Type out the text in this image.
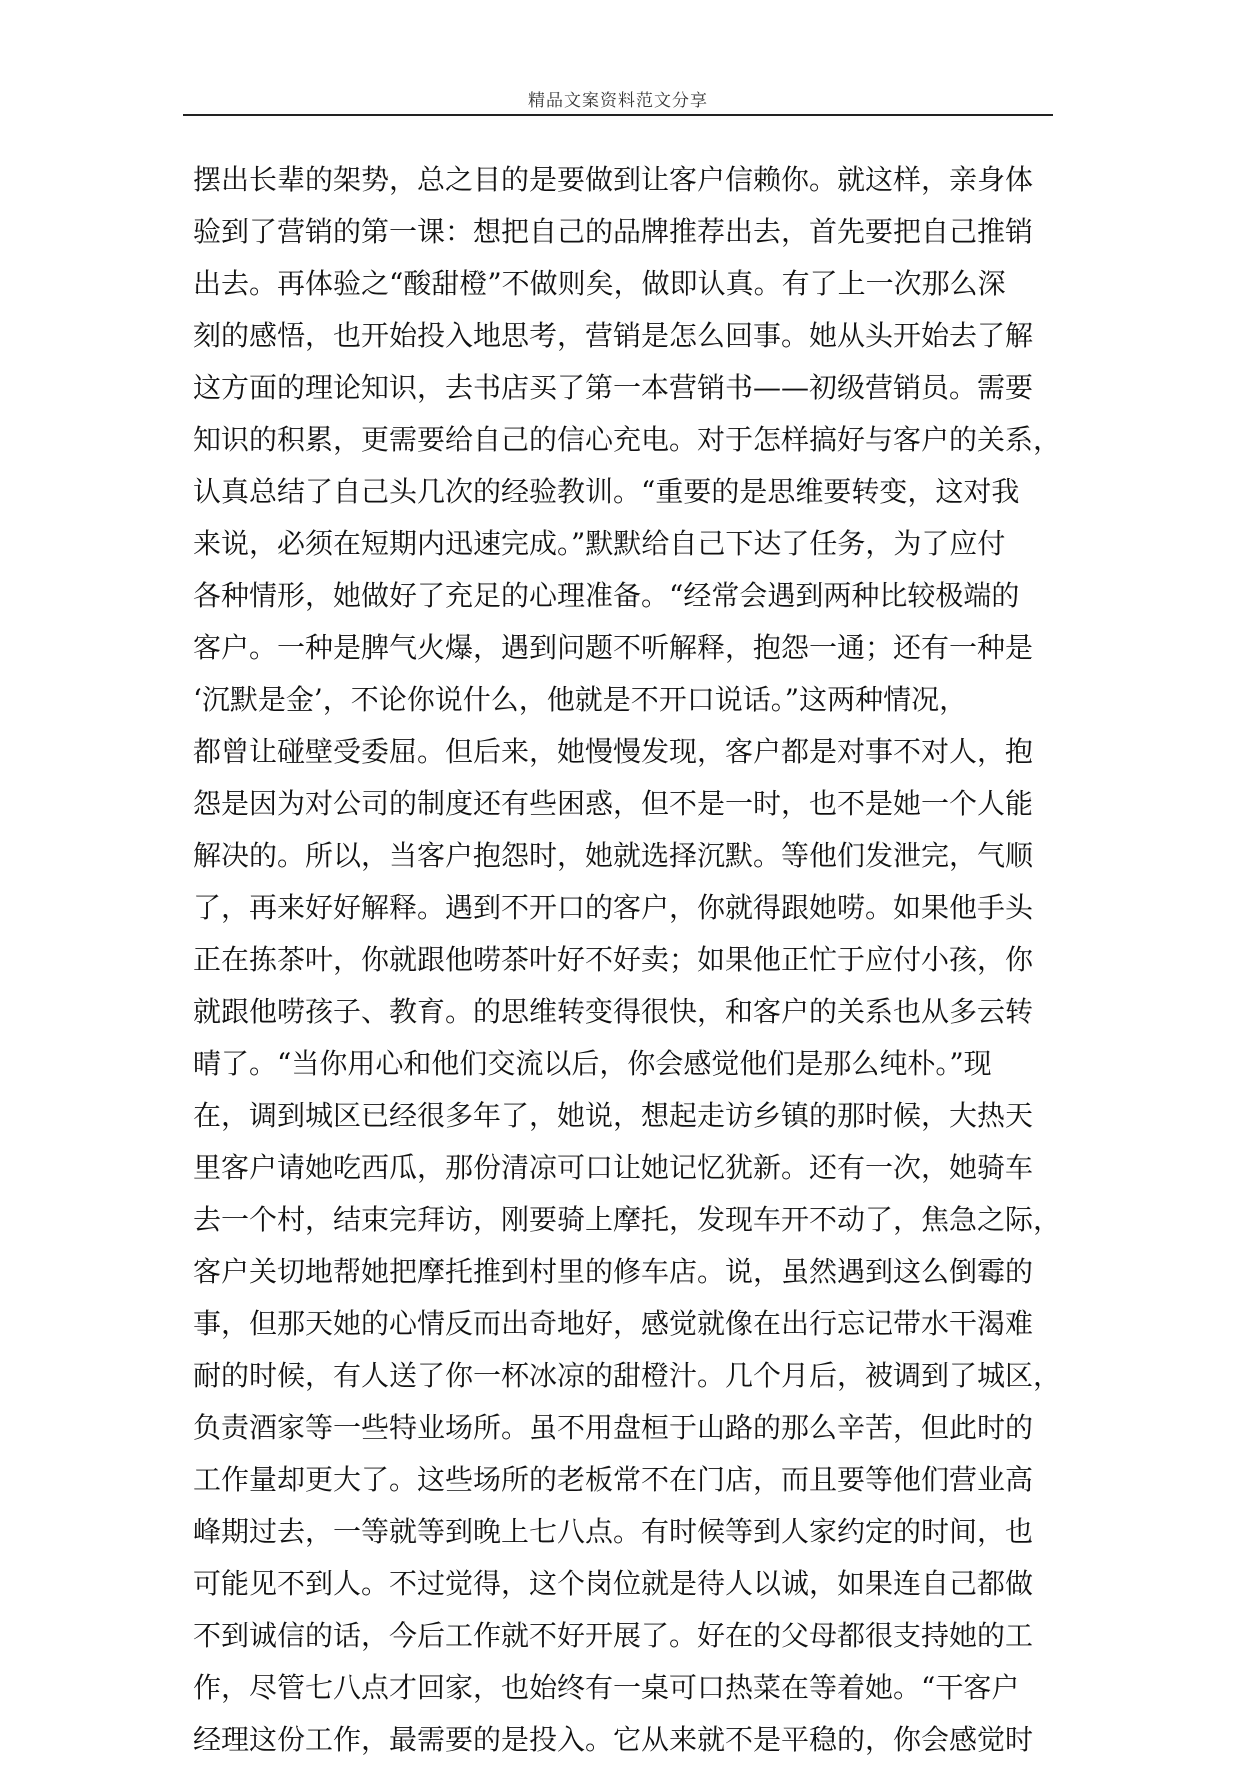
精品文案资料范文分享
摆出长辈的架势，总之目的是要做到让客户信赖你。就这样，亲身体
验到了营销的第一课：想把自己的品牌推荐出去，首先要把自己推销
出去。再体验之“酸甜橙”不做则矣，做即认真。有了上一次那么深
刻的感悟，也开始投入地思考，营销是怎么回事。她从头开始去了解
这方面的理论知识，去书店买了第一本营销书——初级营销员。需要
知识的积累，更需要给自己的信心充电。对于怎样搞好与客户的关系，
认真总结了自己头几次的经验教训。“重要的是思维要转变，这对我
来说，必须在短期内迅速完成。”默默给自己下达了任务，为了应付
各种情形，她做好了充足的心理准备。“经常会遇到两种比较极端的
客户。一种是脾气火爆，遇到问题不听解释，抱怨一通；还有一种是
‘沉默是金’，不论你说什么，他就是不开口说话。”这两种情况，
都曾让碰壁受委屈。但后来，她慢慢发现，客户都是对事不对人，抱
怨是因为对公司的制度还有些困惑，但不是一时，也不是她一个人能
解决的。所以，当客户抱怨时，她就选择沉默。等他们发泄完，气顺
了，再来好好解释。遇到不开口的客户，你就得跟她唠。如果他手头
正在拣茶叶，你就跟他唠茶叶好不好卖；如果他正忙于应付小孩，你
就跟他唠孩子、教育。的思维转变得很快，和客户的关系也从多云转
晴了。“当你用心和他们交流以后，你会感觉他们是那么纯朴。”现
在，调到城区已经很多年了，她说，想起走访乡镇的那时候，大热天
里客户请她吃西瓜，那份清凉可口让她记忆犹新。还有一次，她骑车
去一个村，结束完拜访，刚要骑上摩托，发现车开不动了，焦急之际，
客户关切地帮她把摩托推到村里的修车店。说，虽然遇到这么倒霉的
事，但那天她的心情反而出奇地好，感觉就像在出行忘记带水干渴难
耐的时候，有人送了你一杯冰凉的甜橙汁。几个月后，被调到了城区，
负责酒家等一些特业场所。虽不用盘桓于山路的那么辛苦，但此时的
工作量却更大了。这些场所的老板常不在门店，而且要等他们营业高
峰期过去，一等就等到晚上七八点。有时候等到人家约定的时间，也
可能见不到人。不过觉得，这个岗位就是待人以诚，如果连自己都做
不到诚信的话，今后工作就不好开展了。好在的父母都很支持她的工
作，尽管七八点才回家，也始终有一桌可口热菜在等着她。“干客户
经理这份工作，最需要的是投入。它从来就不是平稳的，你会感觉时
